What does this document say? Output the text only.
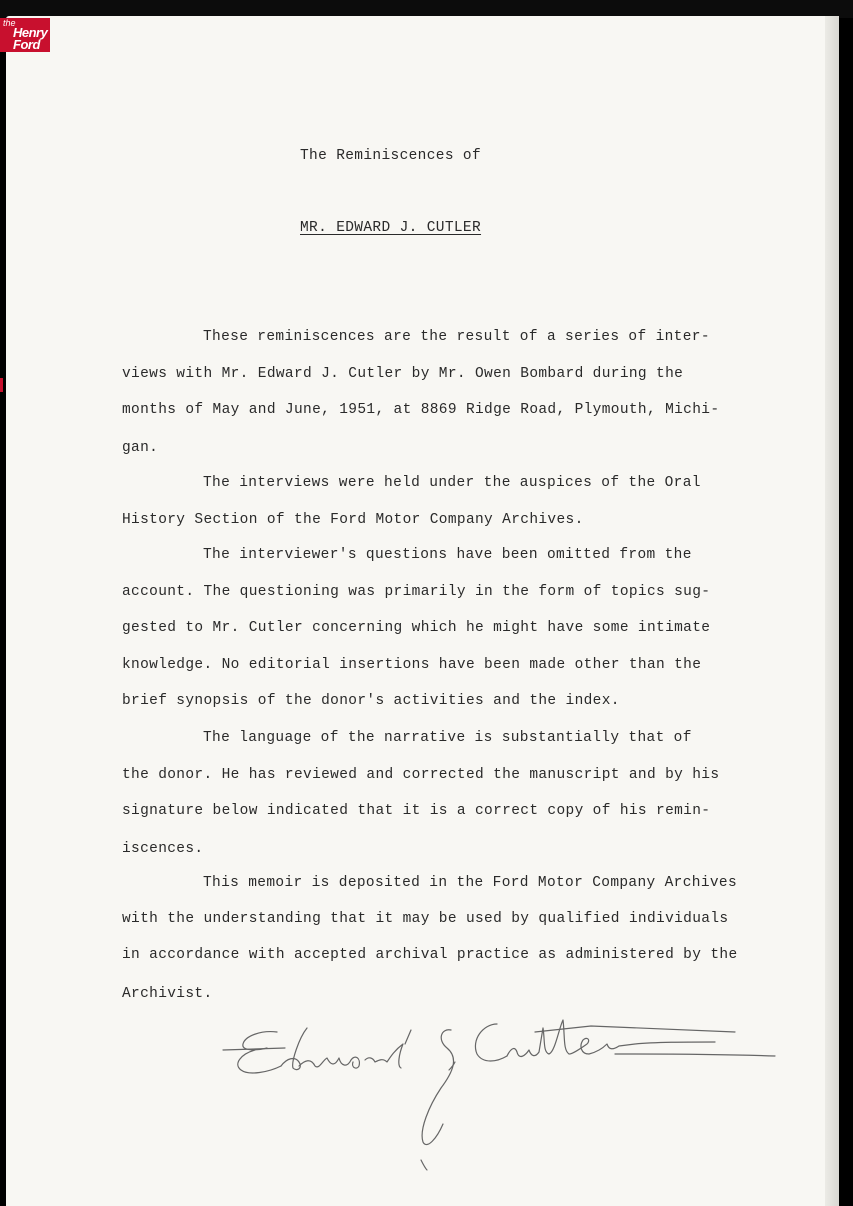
the
Henry
Ford
The Reminiscences of
MR. EDWARD J. CUTLER
These reminiscences are the result of a series of inter-
views with Mr. Edward J. Cutler by Mr. Owen Bombard during the
months of May and June, 1951, at 8869 Ridge Road, Plymouth, Michi-
gan.
The interviews were held under the auspices of the Oral
History Section of the Ford Motor Company Archives.
The interviewer's questions have been omitted from the
account. The questioning was primarily in the form of topics sug-
gested to Mr. Cutler concerning which he might have some intimate
knowledge. No editorial insertions have been made other than the
brief synopsis of the donor's activities and the index.
The language of the narrative is substantially that of
the donor. He has reviewed and corrected the manuscript and by his
signature below indicated that it is a correct copy of his remin-
iscences.
This memoir is deposited in the Ford Motor Company Archives
with the understanding that it may be used by qualified individuals
in accordance with accepted archival practice as administered by the
Archivist.
